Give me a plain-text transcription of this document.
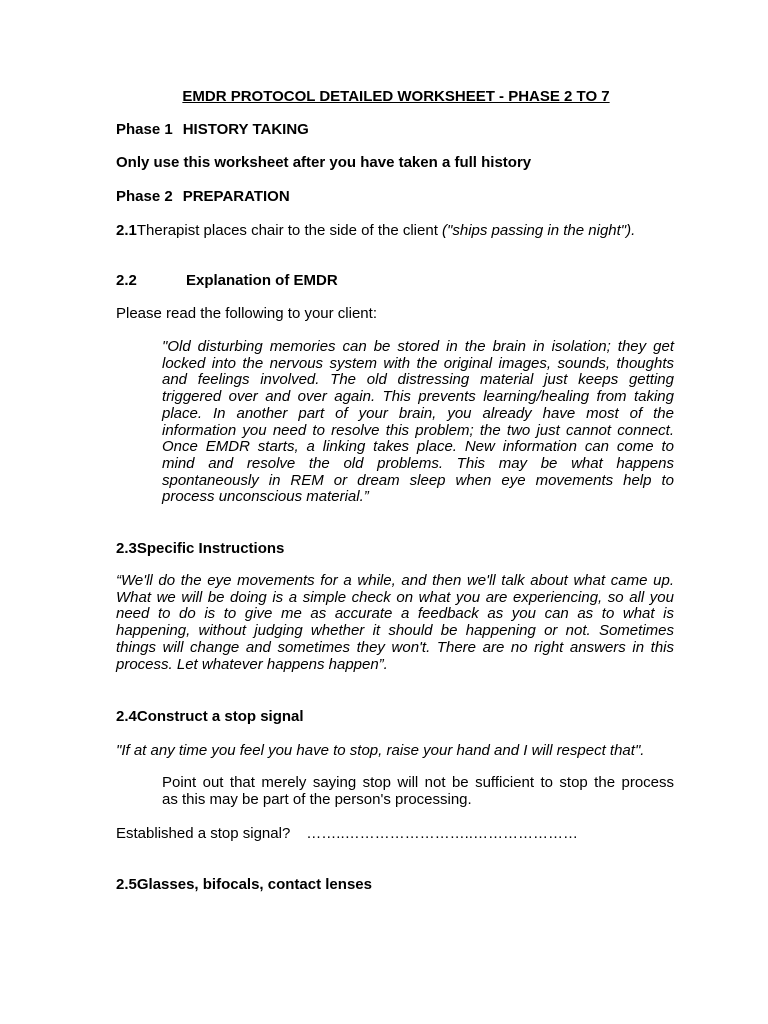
EMDR PROTOCOL DETAILED WORKSHEET - PHASE 2 TO 7
Phase 1 HISTORY TAKING
Only use this worksheet after you have taken a full history
Phase 2 PREPARATION
2.1Therapist places chair to the side of the client ("ships passing in the night").
2.2	Explanation of EMDR
Please read the following to your client:
"Old disturbing memories can be stored in the brain in isolation; they get
locked into the nervous system with the original images, sounds, thoughts
and feelings involved. The old distressing material just keeps getting
triggered over and over again. This prevents learning/healing from taking
place. In another part of your brain, you already have most of the
information you need to resolve this problem; the two just cannot connect.
Once EMDR starts, a linking takes place. New information can come to
mind and resolve the old problems. This may be what happens
spontaneously in REM or dream sleep when eye movements help to
process unconscious material.”
2.3Specific Instructions
“We'll do the eye movements for a while, and then we'll talk about what came up.
What we will be doing is a simple check on what you are experiencing, so all you
need to do is to give me as accurate a feedback as you can as to what is
happening, without judging whether it should be happening or not. Sometimes
things will change and sometimes they won't. There are no right answers in this
process. Let whatever happens happen”.
2.4Construct a stop signal
"If at any time you feel you have to stop, raise your hand and I will respect that".
Point out that merely saying stop will not be sufficient to stop the process
as this may be part of the person's processing.
Established a stop signal? ……..……………………..…………………
2.5Glasses, bifocals, contact lenses
